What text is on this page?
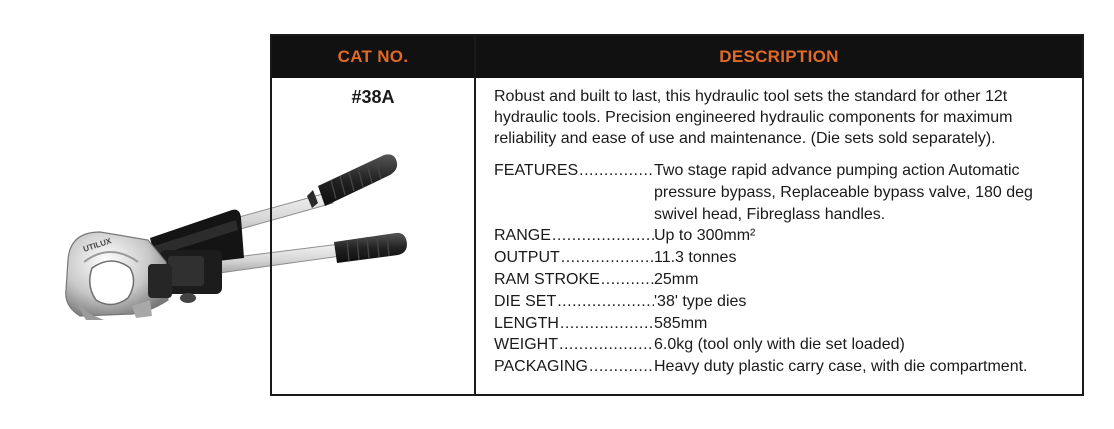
UTILUX
CAT NO.	DESCRIPTION
#38A	Robust and built to last, this hydraulic tool sets the standard for other 12t hydraulic tools. Precision engineered hydraulic components for maximum reliability and ease of use and maintenance. (Die sets sold separately).
FEATURES .....	Two stage rapid advance pumping action Automatic pressure bypass, Replaceable bypass valve, 180 deg swivel head, Fibreglass handles.
RANGE .....	Up to 300mm²
OUTPUT .....	11.3 tonnes
RAM STROKE .....	25mm
DIE SET .....	'38' type dies
LENGTH .....	585mm
WEIGHT .....	6.0kg (tool only with die set loaded)
PACKAGING .....	Heavy duty plastic carry case, with die compartment.
